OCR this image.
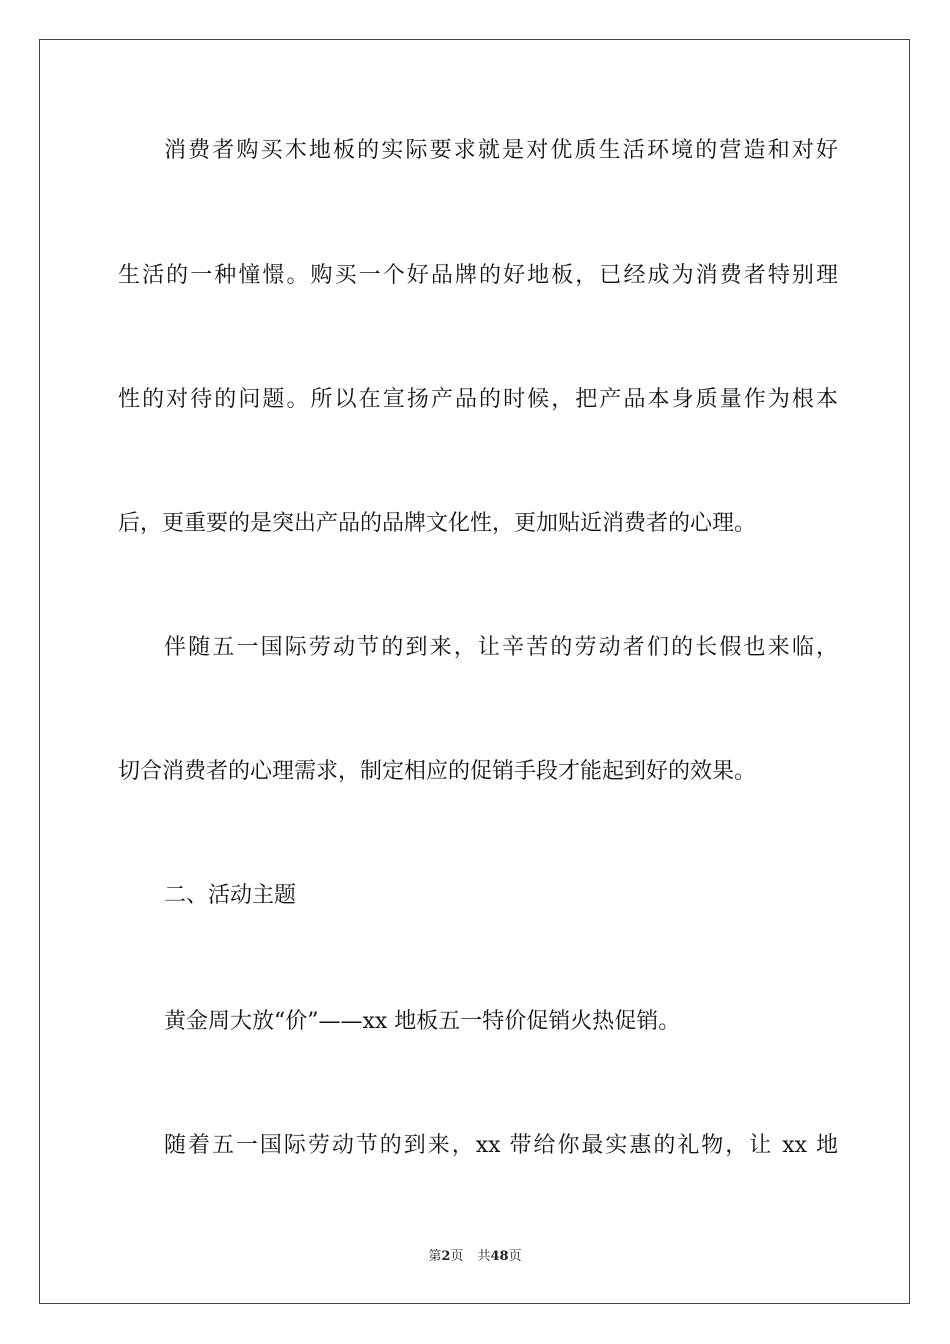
消费者购买木地板的实际要求就是对优质生活环境的营造和对好
生活的一种憧憬。购买一个好品牌的好地板，已经成为消费者特别理
性的对待的问题。所以在宣扬产品的时候，把产品本身质量作为根本
后，更重要的是突出产品的品牌文化性，更加贴近消费者的心理。
伴随五一国际劳动节的到来，让辛苦的劳动者们的长假也来临，
切合消费者的心理需求，制定相应的促销手段才能起到好的效果。
二、活动主题
黄金周大放“价”——xx 地板五一特价促销火热促销。
随着五一国际劳动节的到来，xx 带给你最实惠的礼物，让 xx 地
第2页 共48页
